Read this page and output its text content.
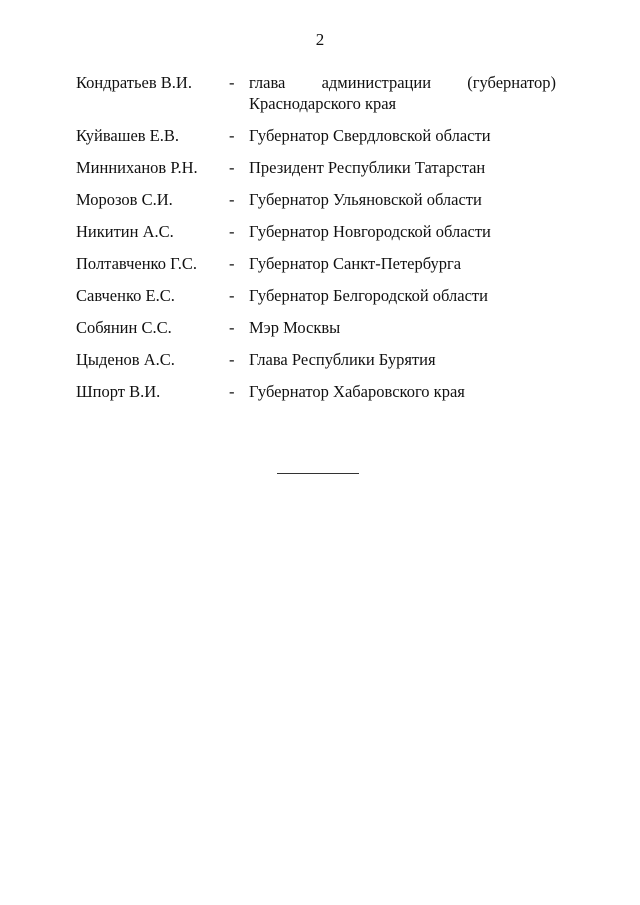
2
Кондратьев В.И. - глава администрации (губернатор)
Краснодарского края
Куйвашев Е.В.	- Губернатор Свердловской области
Минниханов Р.Н. - Президент Республики Татарстан
Морозов С.И.	- Губернатор Ульяновской области
Никитин А.С.	- Губернатор Новгородской области
Полтавченко Г.С. - Губернатор Санкт-Петербурга
Савченко Е.С.	- Губернатор Белгородской области
Собянин С.С.	- Мэр Москвы
Цыденов А.С.	- Глава Республики Бурятия
Шпорт В.И.	- Губернатор Хабаровского края
